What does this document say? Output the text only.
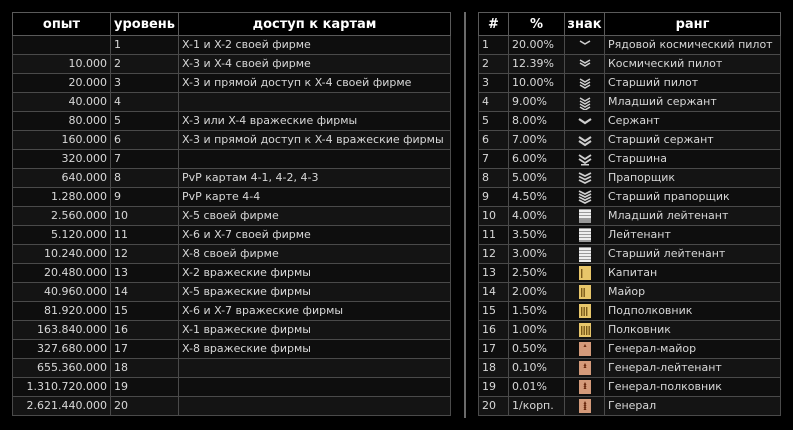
опыт	уровень	доступ к картам
	1	X-1 и X-2 своей фирме
10.000	2	X-3 и X-4 своей фирме
20.000	3	X-3 и прямой доступ к X-4 своей фирме
40.000	4	
80.000	5	X-3 или X-4 вражеские фирмы
160.000	6	X-3 и прямой доступ к X-4 вражеские фирмы
320.000	7	
640.000	8	PvP картам 4-1, 4-2, 4-3
1.280.000	9	PvP карте 4-4
2.560.000	10	X-5 своей фирме
5.120.000	11	X-6 и X-7 своей фирме
10.240.000	12	X-8 своей фирме
20.480.000	13	X-2 вражеские фирмы
40.960.000	14	X-5 вражеские фирмы
81.920.000	15	X-6 и X-7 вражеские фирмы
163.840.000	16	X-1 вражеские фирмы
327.680.000	17	X-8 вражеские фирмы
655.360.000	18	
1.310.720.000	19	
2.621.440.000	20	
#	%	знак	ранг
1	20.00%		Рядовой космический пилот
2	12.39%		Космический пилот
3	10.00%		Старший пилот
4	9.00%		Младший сержант
5	8.00%		Сержант
6	7.00%		Старший сержант
7	6.00%		Старшина
8	5.00%		Прапорщик
9	4.50%		Старший прапорщик
10	4.00%		Младший лейтенант
11	3.50%		Лейтенант
12	3.00%		Старший лейтенант
13	2.50%		Капитан
14	2.00%		Майор
15	1.50%		Подполковник
16	1.00%		Полковник
17	0.50%		Генерал-майор
18	0.10%		Генерал-лейтенант
19	0.01%		Генерал-полковник
20	1/корп.		Генерал
